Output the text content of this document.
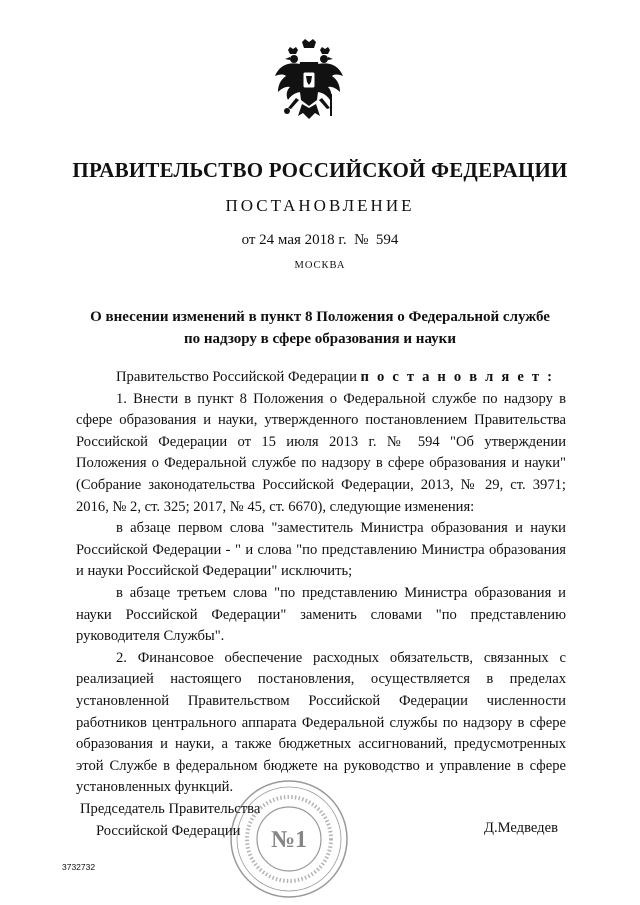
ПРАВИТЕЛЬСТВО РОССИЙСКОЙ ФЕДЕРАЦИИ
ПОСТАНОВЛЕНИЕ
от 24 мая 2018 г.  №  594
МОСКВА
О внесении изменений в пункт 8 Положения о Федеральной службе
по надзору в сфере образования и науки

Правительство Российской Федерации п о с т а н о в л я е т :

1. Внести в пункт 8 Положения о Федеральной службе по надзору в сфере образования и науки, утвержденного постановлением Правительства Российской Федерации от 15 июля 2013 г. № 594 "Об утверждении Положения о Федеральной службе по надзору в сфере образования и науки" (Собрание законодательства Российской Федерации, 2013, № 29, ст. 3971; 2016, № 2, ст. 325; 2017, № 45, ст. 6670), следующие изменения:

в абзаце первом слова "заместитель Министра образования и науки Российской Федерации - " и слова "по представлению Министра образования и науки Российской Федерации" исключить;

в абзаце третьем слова "по представлению Министра образования и науки Российской Федерации" заменить словами "по представлению руководителя Службы".

2. Финансовое обеспечение расходных обязательств, связанных с реализацией настоящего постановления, осуществляется в пределах установленной Правительством Российской Федерации численности работников центрального аппарата Федеральной службы по надзору в сфере образования и науки, а также бюджетных ассигнований, предусмотренных этой Службе в федеральном бюджете на руководство и управление в сфере установленных функций.

Председатель Правительства
Российской Федерации	Д.Медведев
№1
3732732
